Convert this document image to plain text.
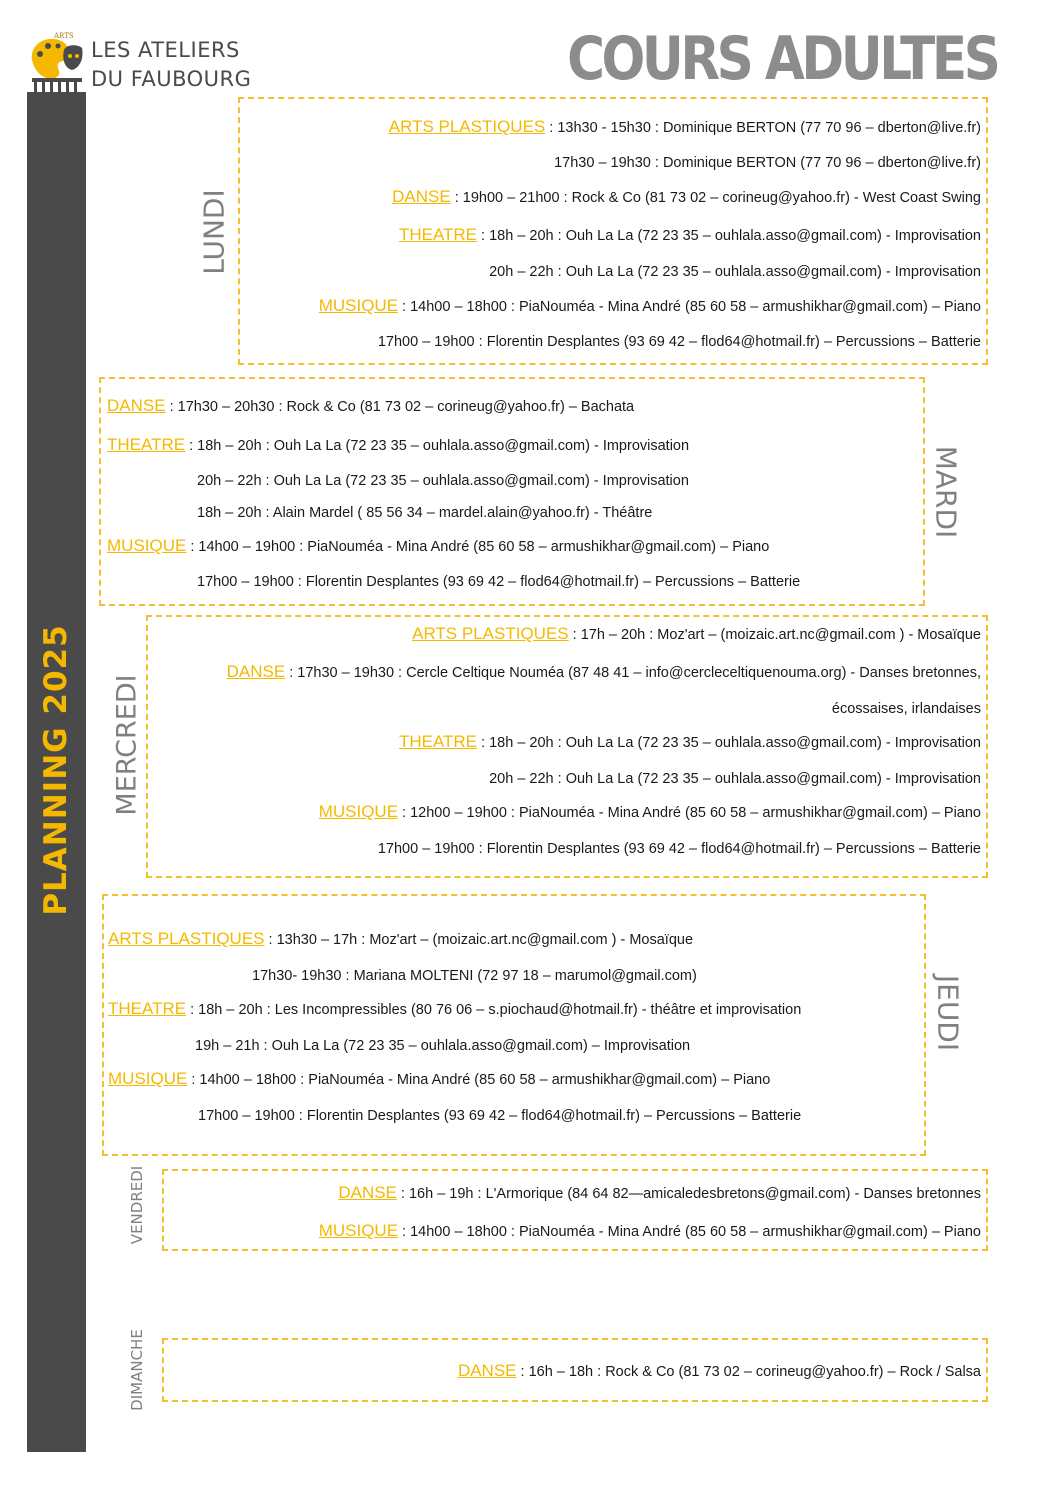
PLANNING 2025
ARTS
LES ATELIERS
DU FAUBOURG	COURS ADULTES
LUNDI
ARTS PLASTIQUES : 13h30 - 15h30 : Dominique BERTON (77 70 96 – dberton@live.fr)
17h30 – 19h30 : Dominique BERTON (77 70 96 – dberton@live.fr)
DANSE : 19h00 – 21h00 : Rock & Co (81 73 02 – corineug@yahoo.fr) - West Coast Swing
THEATRE : 18h – 20h : Ouh La La (72 23 35 – ouhlala.asso@gmail.com) - Improvisation
20h – 22h : Ouh La La (72 23 35 – ouhlala.asso@gmail.com) - Improvisation
MUSIQUE : 14h00 – 18h00 : PiaNouméa - Mina André (85 60 58 – armushikhar@gmail.com) – Piano
17h00 – 19h00 : Florentin Desplantes (93 69 42 – flod64@hotmail.fr) – Percussions – Batterie
MARDI
DANSE : 17h30 – 20h30 : Rock & Co (81 73 02 – corineug@yahoo.fr) – Bachata
THEATRE : 18h – 20h : Ouh La La (72 23 35 – ouhlala.asso@gmail.com) - Improvisation
20h – 22h : Ouh La La (72 23 35 – ouhlala.asso@gmail.com) - Improvisation
18h – 20h : Alain Mardel ( 85 56 34 – mardel.alain@yahoo.fr) - Théâtre
MUSIQUE : 14h00 – 19h00 : PiaNouméa - Mina André (85 60 58 – armushikhar@gmail.com) – Piano
17h00 – 19h00 : Florentin Desplantes (93 69 42 – flod64@hotmail.fr) – Percussions – Batterie
MERCREDI
ARTS PLASTIQUES : 17h – 20h : Moz'art – (moizaic.art.nc@gmail.com ) - Mosaïque
DANSE : 17h30 – 19h30 : Cercle Celtique Nouméa (87 48 41 – info@cercleceltiquenouma.org) - Danses bretonnes,
écossaises, irlandaises
THEATRE : 18h – 20h : Ouh La La (72 23 35 – ouhlala.asso@gmail.com) - Improvisation
20h – 22h : Ouh La La (72 23 35 – ouhlala.asso@gmail.com) - Improvisation
MUSIQUE : 12h00 – 19h00 : PiaNouméa - Mina André (85 60 58 – armushikhar@gmail.com) – Piano
17h00 – 19h00 : Florentin Desplantes (93 69 42 – flod64@hotmail.fr) – Percussions – Batterie
JEUDI
ARTS PLASTIQUES : 13h30 – 17h : Moz'art – (moizaic.art.nc@gmail.com ) - Mosaïque
17h30- 19h30 : Mariana MOLTENI (72 97 18 – marumol@gmail.com)
THEATRE : 18h – 20h : Les Incompressibles (80 76 06 – s.piochaud@hotmail.fr) - théâtre et improvisation
19h – 21h : Ouh La La (72 23 35 – ouhlala.asso@gmail.com) – Improvisation
MUSIQUE : 14h00 – 18h00 : PiaNouméa - Mina André (85 60 58 – armushikhar@gmail.com) – Piano
17h00 – 19h00 : Florentin Desplantes (93 69 42 – flod64@hotmail.fr) – Percussions – Batterie
VENDREDI	DANSE : 16h – 19h : L'Armorique (84 64 82—amicaledesbretons@gmail.com) - Danses bretonnes
MUSIQUE : 14h00 – 18h00 : PiaNouméa - Mina André (85 60 58 – armushikhar@gmail.com) – Piano
DIMANCHE	DANSE : 16h – 18h : Rock & Co (81 73 02 – corineug@yahoo.fr) – Rock / Salsa
